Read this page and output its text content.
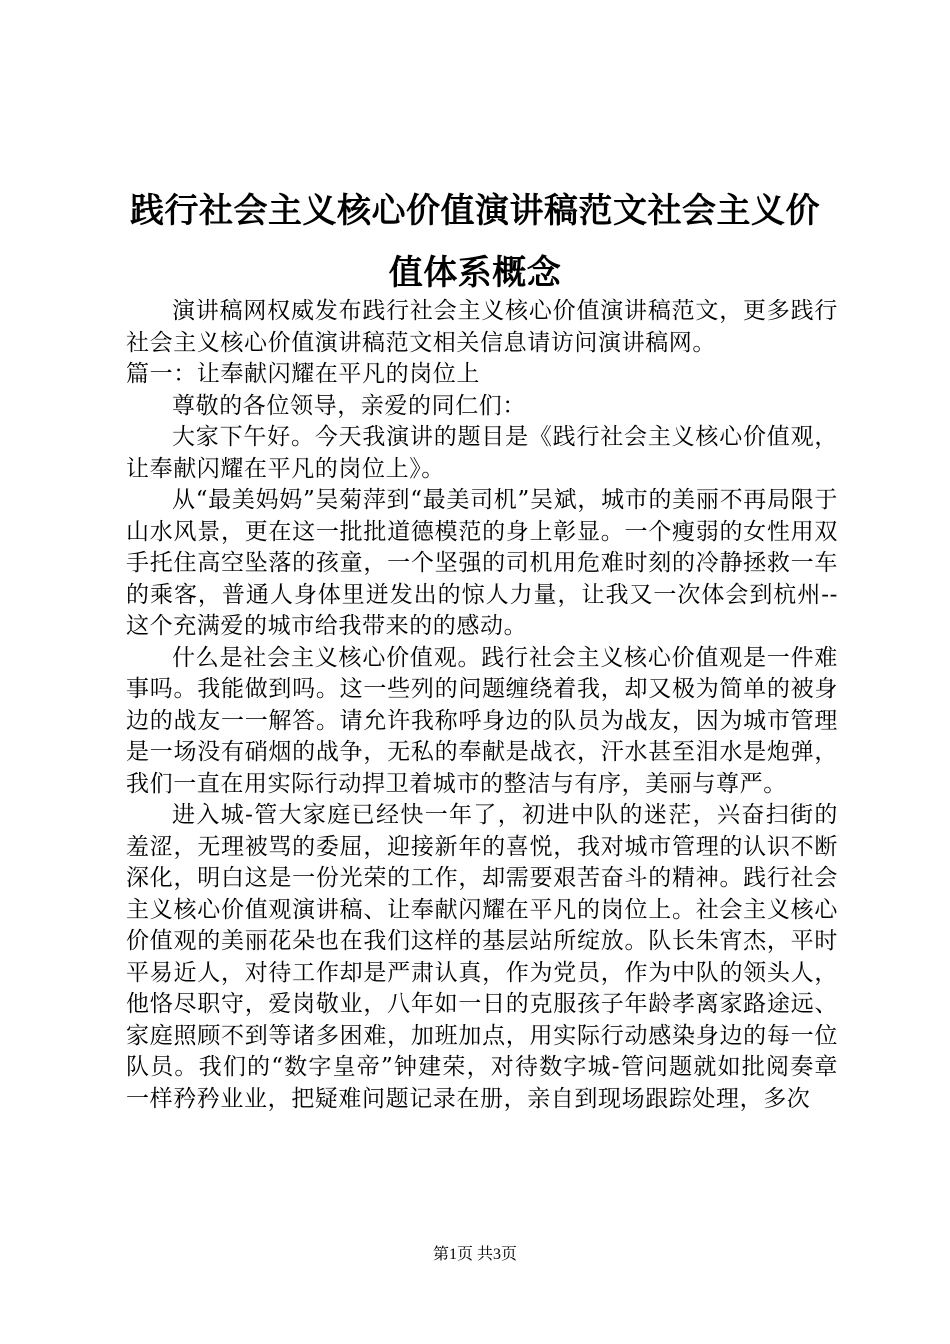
践行社会主义核心价值演讲稿范文社会主义价值体系概念

演讲稿网权威发布践行社会主义核心价值演讲稿范文，更多践行社会主义核心价值演讲稿范文相关信息请访问演讲稿网。

篇一：让奉献闪耀在平凡的岗位上

尊敬的各位领导，亲爱的同仁们：

大家下午好。今天我演讲的题目是《践行社会主义核心价值观，让奉献闪耀在平凡的岗位上》。

从“最美妈妈”吴菊萍到“最美司机”吴斌，城市的美丽不再局限于山水风景，更在这一批批道德模范的身上彰显。一个瘦弱的女性用双手托住高空坠落的孩童，一个坚强的司机用危难时刻的冷静拯救一车的乘客，普通人身体里迸发出的惊人力量，让我又一次体会到杭州--这个充满爱的城市给我带来的的感动。

什么是社会主义核心价值观。践行社会主义核心价值观是一件难事吗。我能做到吗。这一些列的问题缠绕着我，却又极为简单的被身边的战友一一解答。请允许我称呼身边的队员为战友，因为城市管理是一场没有硝烟的战争，无私的奉献是战衣，汗水甚至泪水是炮弹，我们一直在用实际行动捍卫着城市的整洁与有序，美丽与尊严。

进入城-管大家庭已经快一年了，初进中队的迷茫，兴奋扫街的羞涩，无理被骂的委屈，迎接新年的喜悦，我对城市管理的认识不断深化，明白这是一份光荣的工作，却需要艰苦奋斗的精神。践行社会主义核心价值观演讲稿、让奉献闪耀在平凡的岗位上。社会主义核心价值观的美丽花朵也在我们这样的基层站所绽放。队长朱宵杰，平时平易近人，对待工作却是严肃认真，作为党员，作为中队的领头人，他恪尽职守，爱岗敬业，八年如一日的克服孩子年龄孝离家路途远、家庭照顾不到等诸多困难，加班加点，用实际行动感染身边的每一位队员。我们的“数字皇帝”钟建荣，对待数字城-管问题就如批阅奏章一样矜矜业业，把疑难问题记录在册，亲自到现场跟踪处理，多次

第1页 共3页
